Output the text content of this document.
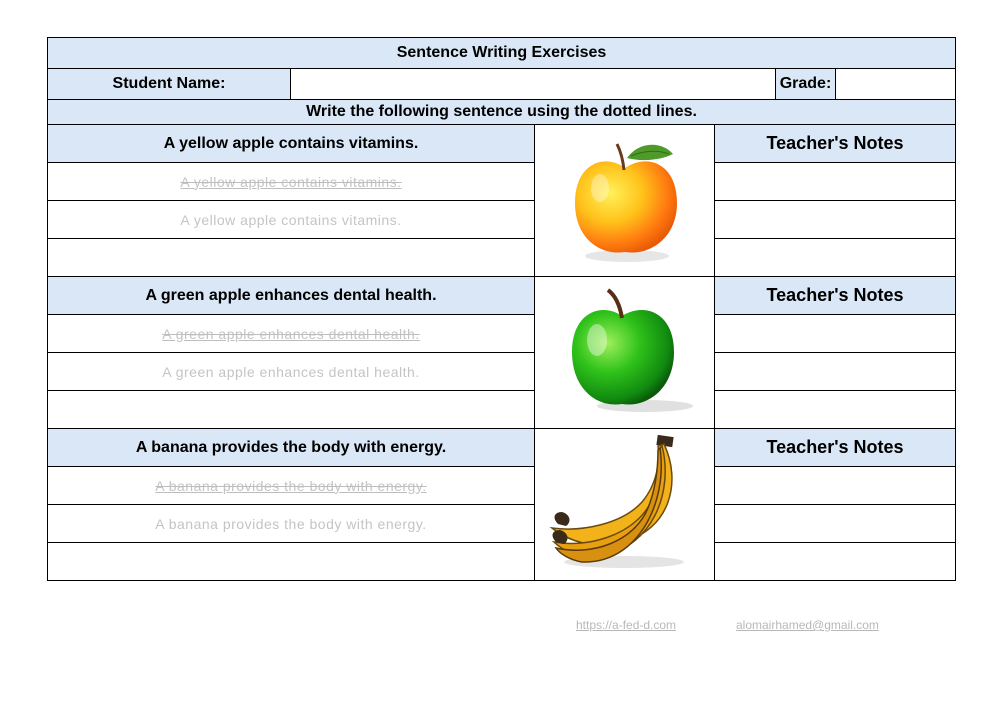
Sentence Writing Exercises					
Student Name:				Grade:	
Write the following sentence using the dotted lines.					
A yellow apple contains vitamins.			Teacher's Notes		
A yellow apple contains vitamins.					
A yellow apple contains vitamins.					

A green apple enhances dental health.			Teacher's Notes		
A green apple enhances dental health.					
A green apple enhances dental health.					

A banana provides the body with energy.			Teacher's Notes		
A banana provides the body with energy.					
A banana provides the body with energy.					

https://a-fed-d.com	alomairhamed@gmail.com
